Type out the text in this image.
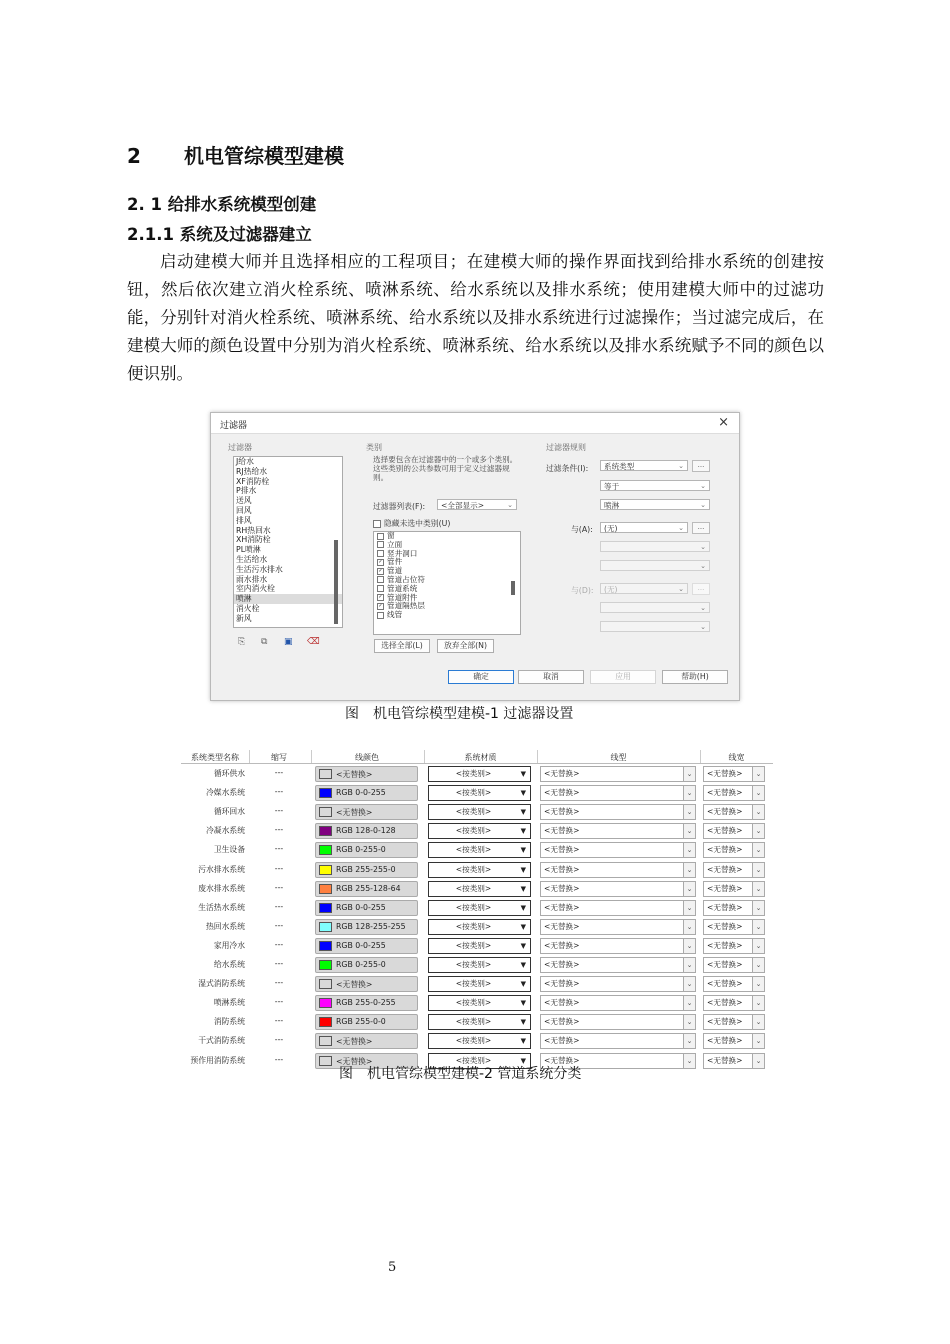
2 机电管综模型建模
2. 1 给排水系统模型创建
2.1.1 系统及过滤器建立

启动建模大师并且选择相应的工程项目；在建模大师的操作界面找到给排水系统的创建按钮，然后依次建立消火栓系统、喷淋系统、给水系统以及排水系统；使用建模大师中的过滤功能，分别针对消火栓系统、喷淋系统、给水系统以及排水系统进行过滤操作；当过滤完成后，在建模大师的颜色设置中分别为消火栓系统、喷淋系统、给水系统以及排水系统赋予不同的颜色以便识别。

过滤器	×
过滤器
J给水
RJ热给水
XF消防栓
P排水
送风
回风
排风
RH热回水
XH消防栓
PL喷淋
生活给水
生活污水排水
雨水排水
室内消火栓
喷淋
消火栓
新风
⎘ ⧉ ▣ ⌫
类别
选择要包含在过滤器中的一个或多个类别。这些类别的公共参数可用于定义过滤器规则。
过滤器列表(F):	<全部显示>	⌄
隐藏未选中类别(U)
窗
立面
竖井洞口
✓ 管件
✓ 管道
管道占位符
管道系统
✓ 管道附件
✓ 管道隔热层
线管
选择全部(L)	放弃全部(N)
过滤器规则
过滤条件(I):	系统类型	⌄	...
等于	⌄
喷淋	⌄
与(A):	(无)	⌄	...
⌄
⌄
与(D):	(无)	⌄	...
⌄
⌄
确定	取消	应用	帮助(H)
图 机电管综模型建模-1 过滤器设置
系统类型名称	缩写	线颜色	系统材质	线型	线宽
循环供水	---	<无替换>	<按类别>	▼	<无替换>	⌄	<无替换>	⌄
冷媒水系统	---	RGB 0-0-255	<按类别>	▼	<无替换>	⌄	<无替换>	⌄
循环回水	---	<无替换>	<按类别>	▼	<无替换>	⌄	<无替换>	⌄
冷凝水系统	---	RGB 128-0-128	<按类别>	▼	<无替换>	⌄	<无替换>	⌄
卫生设备	---	RGB 0-255-0	<按类别>	▼	<无替换>	⌄	<无替换>	⌄
污水排水系统	---	RGB 255-255-0	<按类别>	▼	<无替换>	⌄	<无替换>	⌄
废水排水系统	---	RGB 255-128-64	<按类别>	▼	<无替换>	⌄	<无替换>	⌄
生活热水系统	---	RGB 0-0-255	<按类别>	▼	<无替换>	⌄	<无替换>	⌄
热回水系统	---	RGB 128-255-255	<按类别>	▼	<无替换>	⌄	<无替换>	⌄
家用冷水	---	RGB 0-0-255	<按类别>	▼	<无替换>	⌄	<无替换>	⌄
给水系统	---	RGB 0-255-0	<按类别>	▼	<无替换>	⌄	<无替换>	⌄
湿式消防系统	---	<无替换>	<按类别>	▼	<无替换>	⌄	<无替换>	⌄
喷淋系统	---	RGB 255-0-255	<按类别>	▼	<无替换>	⌄	<无替换>	⌄
消防系统	---	RGB 255-0-0	<按类别>	▼	<无替换>	⌄	<无替换>	⌄
干式消防系统	---	<无替换>	<按类别>	▼	<无替换>	⌄	<无替换>	⌄
预作用消防系统	---	<无替换>	<按类别>	▼	<无替换>	⌄	<无替换>	⌄
图 机电管综模型建模-2 管道系统分类
5
